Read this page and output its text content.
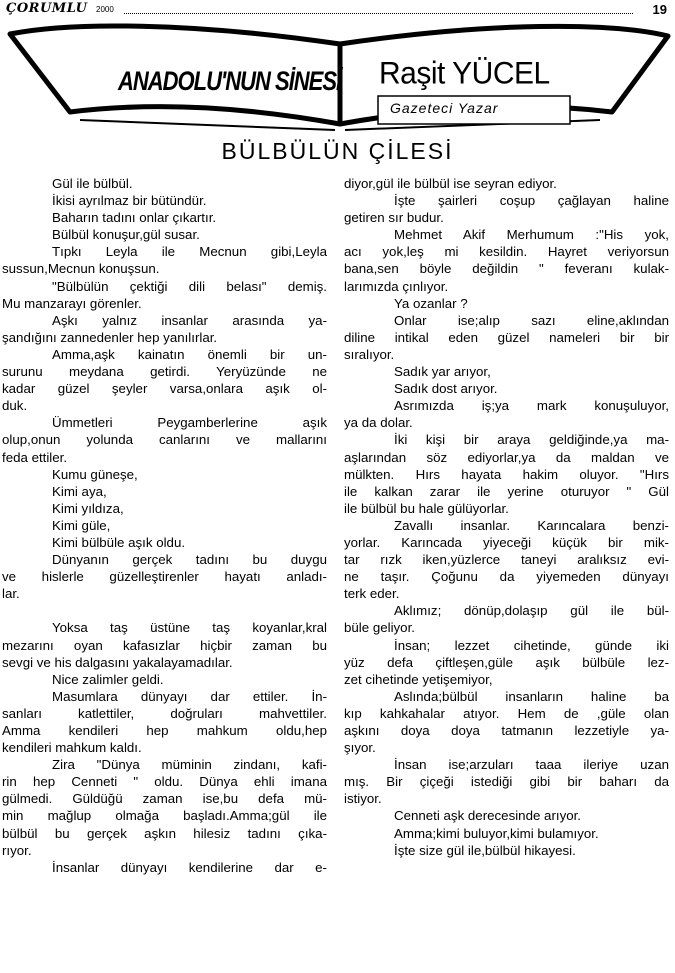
ÇORUMLU 2000	19
ANADOLU'NUN SİNESİ Raşit YÜCEL
Gazeteci Yazar
BÜLBÜLÜN ÇİLESİ

Gül ile bülbül.

İkisi ayrılmaz bir bütündür.

Baharın tadını onlar çıkartır.

Bülbül konuşur,gül susar.

Tıpkı Leyla ile Mecnun gibi,Leyla

sussun,Mecnun konuşsun.

"Bülbülün çektiği dili belası" demiş.

Mu manzarayı görenler.

Aşkı yalnız insanlar arasında ya-

şandığını zannedenler hep yanılırlar.

Amma,aşk kainatın önemli bir un-

surunu meydana getirdi. Yeryüzünde ne

kadar güzel şeyler varsa,onlara aşık ol-

duk.

Ümmetleri Peygamberlerine aşık

olup,onun yolunda canlarını ve mallarını

feda ettiler.

Kumu güneşe,

Kimi aya,

Kimi yıldıza,

Kimi güle,

Kimi bülbüle aşık oldu.

Dünyanın gerçek tadını bu duygu

ve hislerle güzelleştirenler hayatı anladı-

lar.

Yoksa taş üstüne taş koyanlar,kral

mezarını oyan kafasızlar hiçbir zaman bu

sevgi ve his dalgasını yakalayamadılar.

Nice zalimler geldi.

Masumlara dünyayı dar ettiler. İn-

sanları katlettiler, doğruları mahvettiler.

Amma kendileri hep mahkum oldu,hep

kendileri mahkum kaldı.

Zira "Dünya müminin zindanı, kafi-

rin hep Cenneti " oldu. Dünya ehli imana

gülmedi. Güldüğü zaman ise,bu defa mü-

min mağlup olmağa başladı.Amma;gül ile

bülbül bu gerçek aşkın hilesiz tadını çıka-

rıyor.

İnsanlar dünyayı kendilerine dar e-

diyor,gül ile bülbül ise seyran ediyor.

İşte şairleri coşup çağlayan haline

getiren sır budur.

Mehmet Akif Merhumum :"His yok,

acı yok,leş mi kesildin. Hayret veriyorsun

bana,sen böyle değildin " feveranı kulak-

larımızda çınlıyor.

Ya ozanlar ?

Onlar ise;alıp sazı eline,aklından

diline intikal eden güzel nameleri bir bir

sıralıyor.

Sadık yar arıyor,

Sadık dost arıyor.

Asrımızda iş;ya mark konuşuluyor,

ya da dolar.

İki kişi bir araya geldiğinde,ya ma-

aşlarından söz ediyorlar,ya da maldan ve

mülkten. Hırs hayata hakim oluyor. "Hırs

ile kalkan zarar ile yerine oturuyor " Gül

ile bülbül bu hale gülüyorlar.

Zavallı insanlar. Karıncalara benzi-

yorlar. Karıncada yiyeceği küçük bir mik-

tar rızk iken,yüzlerce taneyi aralıksız evi-

ne taşır. Çoğunu da yiyemeden dünyayı

terk eder.

Aklımız; dönüp,dolaşıp gül ile bül-

büle geliyor.

İnsan; lezzet cihetinde, günde iki

yüz defa çiftleşen,güle aşık bülbüle lez-

zet cihetinde yetişemiyor,

Aslında;bülbül insanların haline ba

kıp kahkahalar atıyor. Hem de ,güle olan

aşkını doya doya tatmanın lezzetiyle ya-

şıyor.

İnsan ise;arzuları taaa ileriye uzan

mış. Bir çiçeği istediği gibi bir baharı da

istiyor.

Cenneti aşk derecesinde arıyor.

Amma;kimi buluyor,kimi bulamıyor.

İşte size gül ile,bülbül hikayesi.
